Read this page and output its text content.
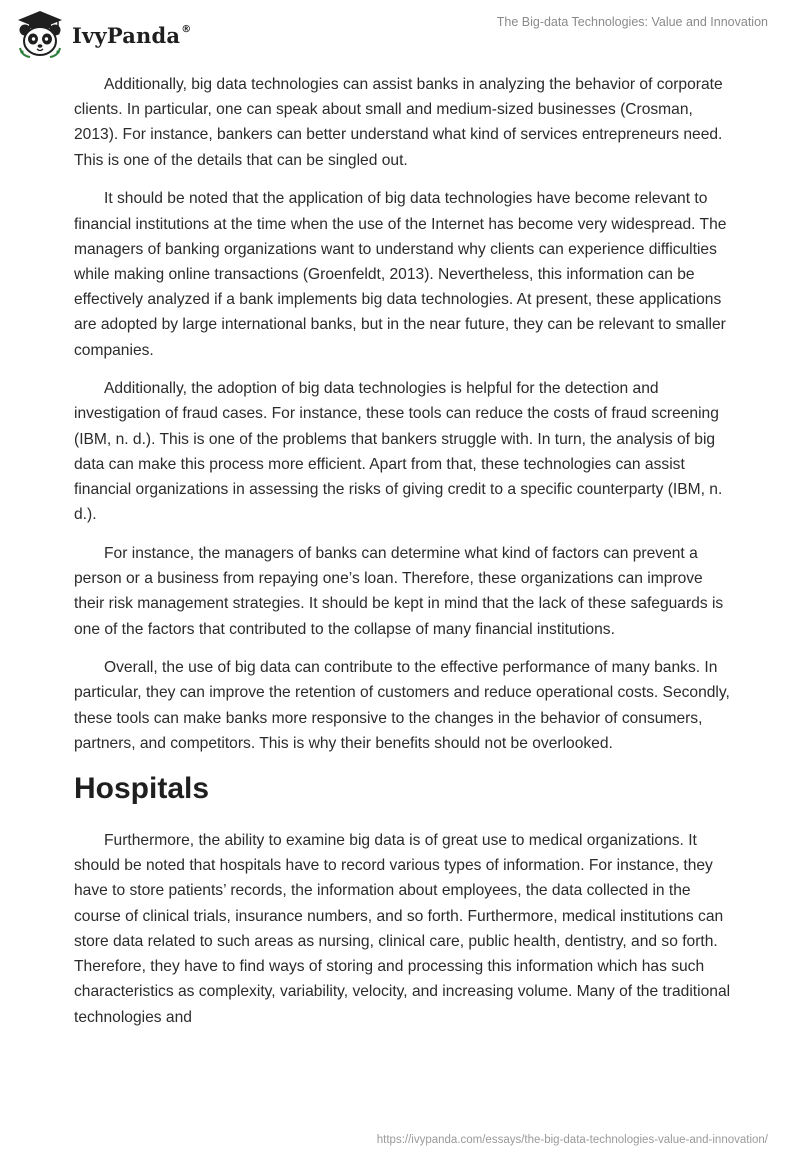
IvyPanda®	The Big-data Technologies: Value and Innovation

Additionally, big data technologies can assist banks in analyzing the behavior of corporate clients. In particular, one can speak about small and medium-sized businesses (Crosman, 2013). For instance, bankers can better understand what kind of services entrepreneurs need. This is one of the details that can be singled out.

It should be noted that the application of big data technologies have become relevant to financial institutions at the time when the use of the Internet has become very widespread. The managers of banking organizations want to understand why clients can experience difficulties while making online transactions (Groenfeldt, 2013). Nevertheless, this information can be effectively analyzed if a bank implements big data technologies. At present, these applications are adopted by large international banks, but in the near future, they can be relevant to smaller companies.

Additionally, the adoption of big data technologies is helpful for the detection and investigation of fraud cases. For instance, these tools can reduce the costs of fraud screening (IBM, n. d.). This is one of the problems that bankers struggle with. In turn, the analysis of big data can make this process more efficient. Apart from that, these technologies can assist financial organizations in assessing the risks of giving credit to a specific counterparty (IBM, n. d.).

For instance, the managers of banks can determine what kind of factors can prevent a person or a business from repaying one’s loan. Therefore, these organizations can improve their risk management strategies. It should be kept in mind that the lack of these safeguards is one of the factors that contributed to the collapse of many financial institutions.

Overall, the use of big data can contribute to the effective performance of many banks. In particular, they can improve the retention of customers and reduce operational costs. Secondly, these tools can make banks more responsive to the changes in the behavior of consumers, partners, and competitors. This is why their benefits should not be overlooked.

Hospitals

Furthermore, the ability to examine big data is of great use to medical organizations. It should be noted that hospitals have to record various types of information. For instance, they have to store patients’ records, the information about employees, the data collected in the course of clinical trials, insurance numbers, and so forth. Furthermore, medical institutions can store data related to such areas as nursing, clinical care, public health, dentistry, and so forth. Therefore, they have to find ways of storing and processing this information which has such characteristics as complexity, variability, velocity, and increasing volume. Many of the traditional technologies and

https://ivypanda.com/essays/the-big-data-technologies-value-and-innovation/
